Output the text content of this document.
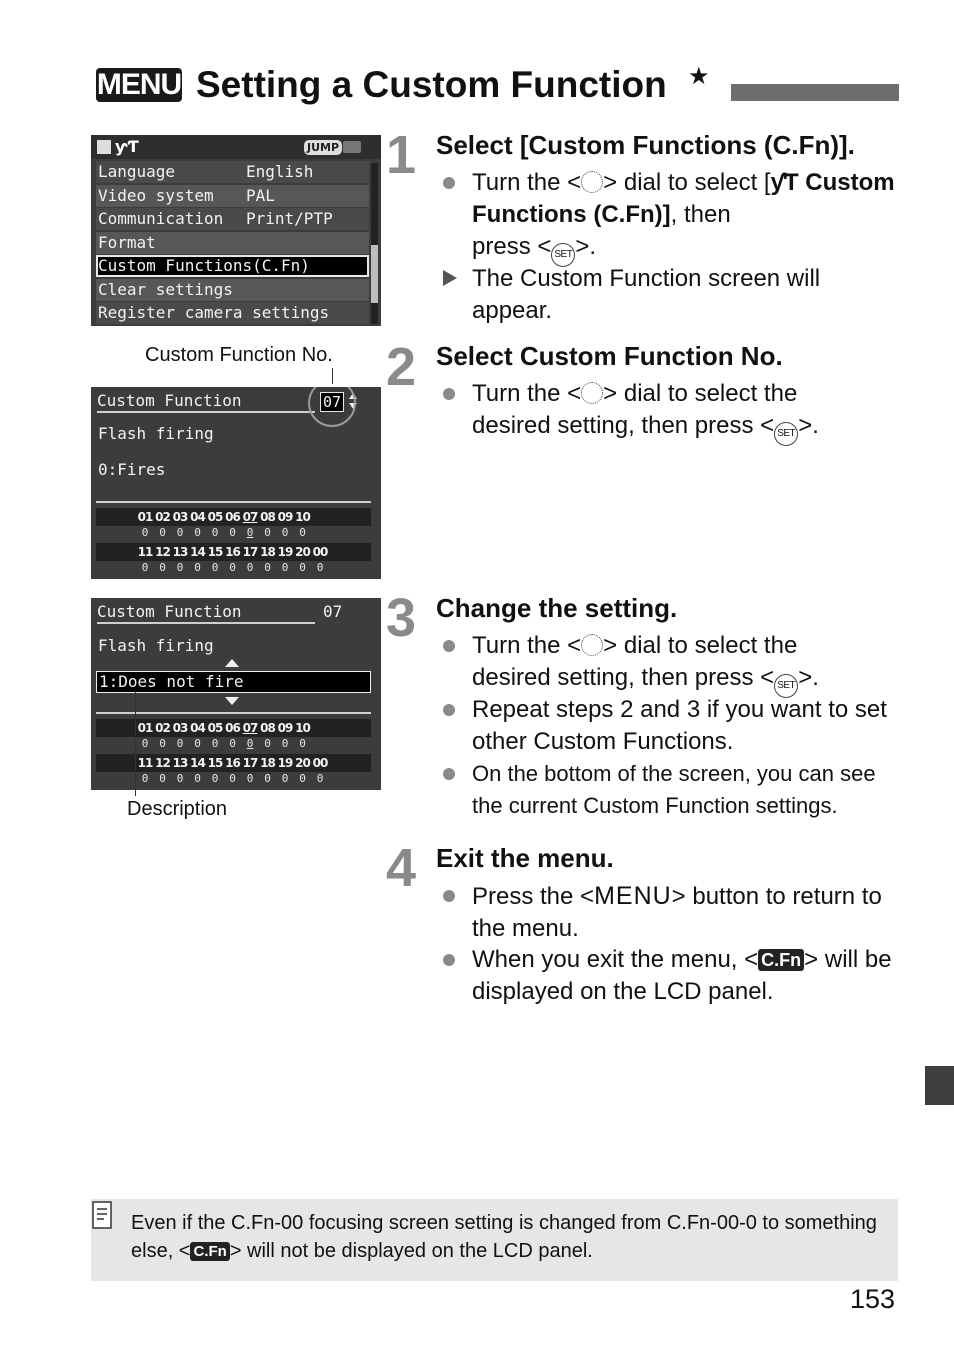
MENU Setting a Custom Function ★
ƴƬ	JUMP
Language	English
Video system PAL
Communication Print/PTP
Format
Custom Functions(C.Fn)
Clear settings
Register camera settings
Custom Function No.
Custom Function	07
Flash firing
0:Fires
01 02 03 04 05 06 07 08 09 10
0 0 0 0 0 0 0 0 0 0
11 12 13 14 15 16 17 18 19 20 00
0 0 0 0 0 0 0 0 0 0 0
Custom Function	07
Flash firing
1:Does not fire
01 02 03 04 05 06 07 08 09 10
0 0 0 0 0 0 0 0 0 0
11 12 13 14 15 16 17 18 19 20 00
0 0 0 0 0 0 0 0 0 0 0
Description
1 Select [Custom Functions (C.Fn)].
Turn the < > dial to select [ƴƬ Custom Functions (C.Fn)], then
press < SET >.
The Custom Function screen will appear.
2 Select Custom Function No.
Turn the < > dial to select the
desired setting, then press < SET >.
3 Change the setting.
Turn the < > dial to select the
desired setting, then press < SET >.
Repeat steps 2 and 3 if you want to set other Custom Functions.
On the bottom of the screen, you can see the current Custom Function settings.
4 Exit the menu.
Press the <MENU> button to return to the menu.
When you exit the menu, < C.Fn > will be displayed on the LCD panel.
Even if the C.Fn-00 focusing screen setting is changed from C.Fn-00-0 to something else, < C.Fn > will not be displayed on the LCD panel.
153
